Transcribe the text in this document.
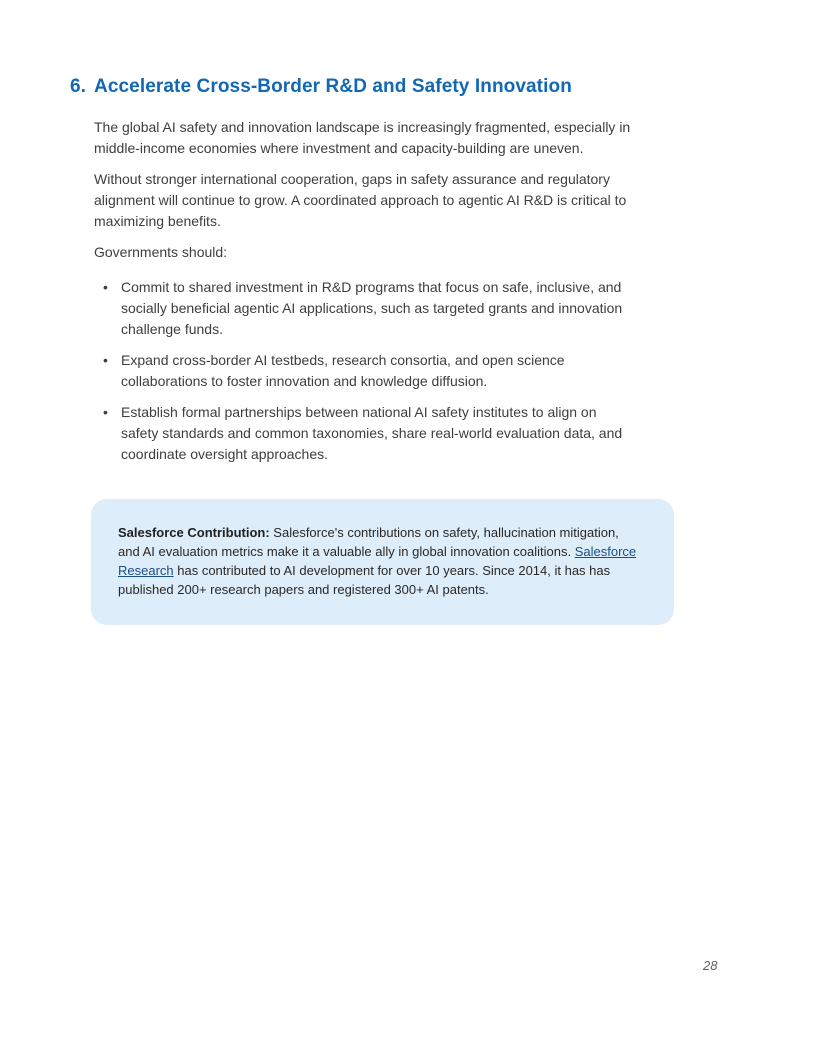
6. Accelerate Cross-Border R&D and Safety Innovation

The global AI safety and innovation landscape is increasingly fragmented, especially in middle-income economies where investment and capacity-building are uneven.

Without stronger international cooperation, gaps in safety assurance and regulatory alignment will continue to grow. A coordinated approach to agentic AI R&D is critical to maximizing benefits.

Governments should:

• Commit to shared investment in R&D programs that focus on safe, inclusive, and socially beneficial agentic AI applications, such as targeted grants and innovation challenge funds.
• Expand cross-border AI testbeds, research consortia, and open science collaborations to foster innovation and knowledge diffusion.
• Establish formal partnerships between national AI safety institutes to align on safety standards and common taxonomies, share real-world evaluation data, and coordinate oversight approaches.

Salesforce Contribution: Salesforce's contributions on safety, hallucination mitigation, and AI evaluation metrics make it a valuable ally in global innovation coalitions. Salesforce Research has contributed to AI development for over 10 years. Since 2014, it has has published 200+ research papers and registered 300+ AI patents.

28
